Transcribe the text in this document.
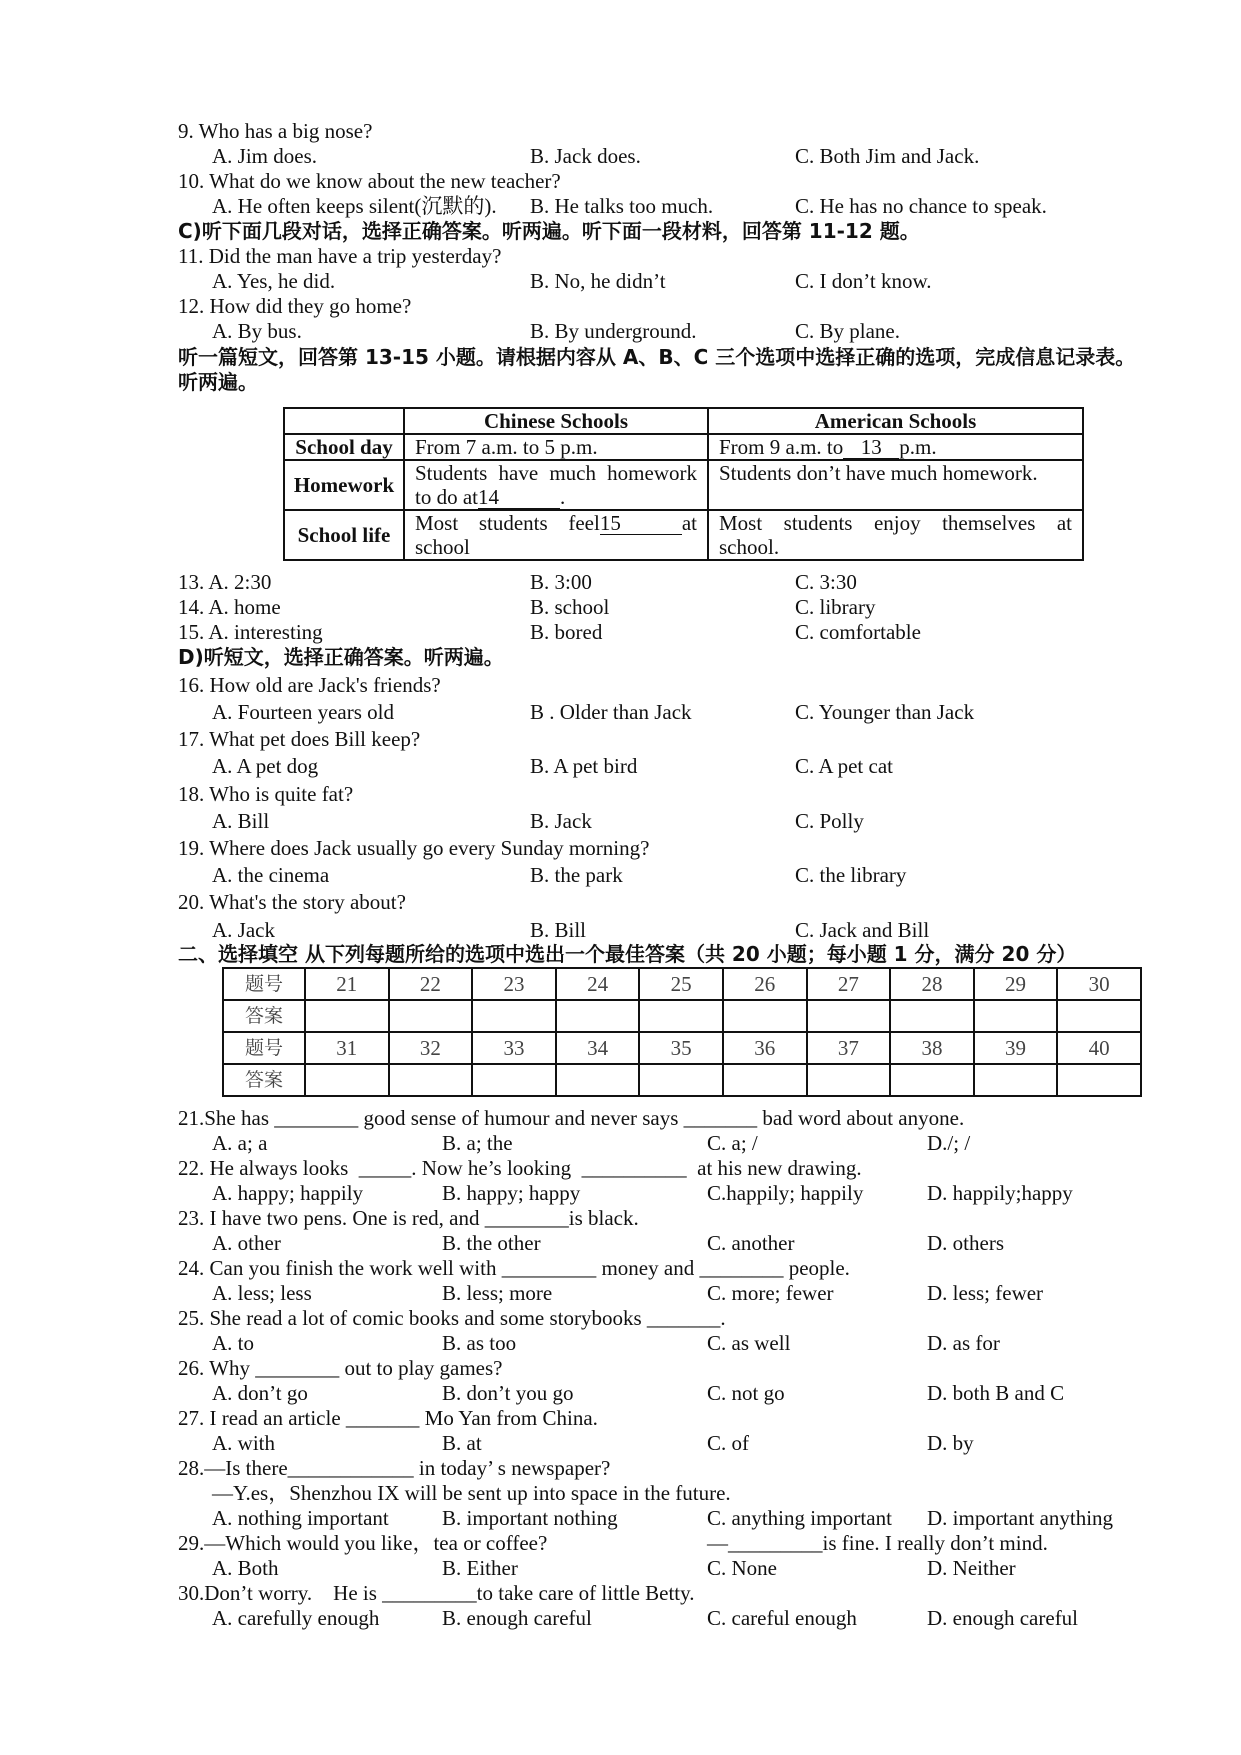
9. Who has a big nose?
A. Jim does.	B. Jack does.	C. Both Jim and Jack.
10. What do we know about the new teacher?
A. He often keeps silent(沉默的). B. He talks too much.	C. He has no chance to speak.
C)听下面几段对话，选择正确答案。听两遍。听下面一段材料，回答第 11-12 题。
11. Did the man have a trip yesterday?
A. Yes, he did.	B. No, he didn’t	C. I don’t know.
12. How did they go home?
A. By bus.	B. By underground.	C. By plane.
听一篇短文，回答第 13-15 小题。请根据内容从 A、B、C 三个选项中选择正确的选项，完成信息记录表。
听两遍。
	Chinese Schools	American Schools
School day	From 7 a.m. to 5 p.m.	From 9 a.m. to 13 p.m.
Homework	Students have much homework to do at14 .	Students don’t have much homework.
School life	Most students feel15 at school	Most students enjoy themselves at school.
13. A. 2:30	B. 3:00	C. 3:30
14. A. home	B. school	C. library
15. A. interesting	B. bored	C. comfortable
D)听短文，选择正确答案。听两遍。
16. How old are Jack's friends?
A. Fourteen years old	B . Older than Jack	C. Younger than Jack
17. What pet does Bill keep?
A. A pet dog	B. A pet bird	C. A pet cat
18. Who is quite fat?
A. Bill	B. Jack	C. Polly
19. Where does Jack usually go every Sunday morning?
A. the cinema	B. the park	C. the library
20. What's the story about?
A. Jack	B. Bill	C. Jack and Bill
二、选择填空 从下列每题所给的选项中选出一个最佳答案（共 20 小题；每小题 1 分，满分 20 分）
题号	21	22	23	24	25	26	27	28	29	30
答案										
题号	31	32	33	34	35	36	37	38	39	40
答案										
21.She has ________ good sense of humour and never says _______ bad word about anyone.
A. a; a	B. a; the	C. a; /	D./; /
22. He always looks  _____. Now he’s looking  __________  at his new drawing.
A. happy; happily	B. happy; happy	C.happily; happily	D. happily;happy
23. I have two pens. One is red, and ________is black.
A. other	B. the other	C. another	D. others
24. Can you finish the work well with _________ money and ________ people.
A. less; less	B. less; more	C. more; fewer	D. less; fewer
25. She read a lot of comic books and some storybooks _______.
A. to	B. as too	C. as well	D. as for
26. Why ________ out to play games?
A. don’t go	B. don’t you go	C. not go	D. both B and C
27. I read an article _______ Mo Yan from China.
A. with	B. at	C. of	D. by
28.—Is there____________ in today’ s newspaper?
—Y.es，Shenzhou IX will be sent up into space in the future.
A. nothing important	B. important nothing	C. anything important D. important anything
29.—Which would you like，tea or coffee?	—_________is fine. I really don’t mind.
A. Both	B. Either	C. None	D. Neither
30.Don’t worry.    He is _________to take care of little Betty.
A. carefully enough	B. enough careful	C. careful enough	D. enough careful
